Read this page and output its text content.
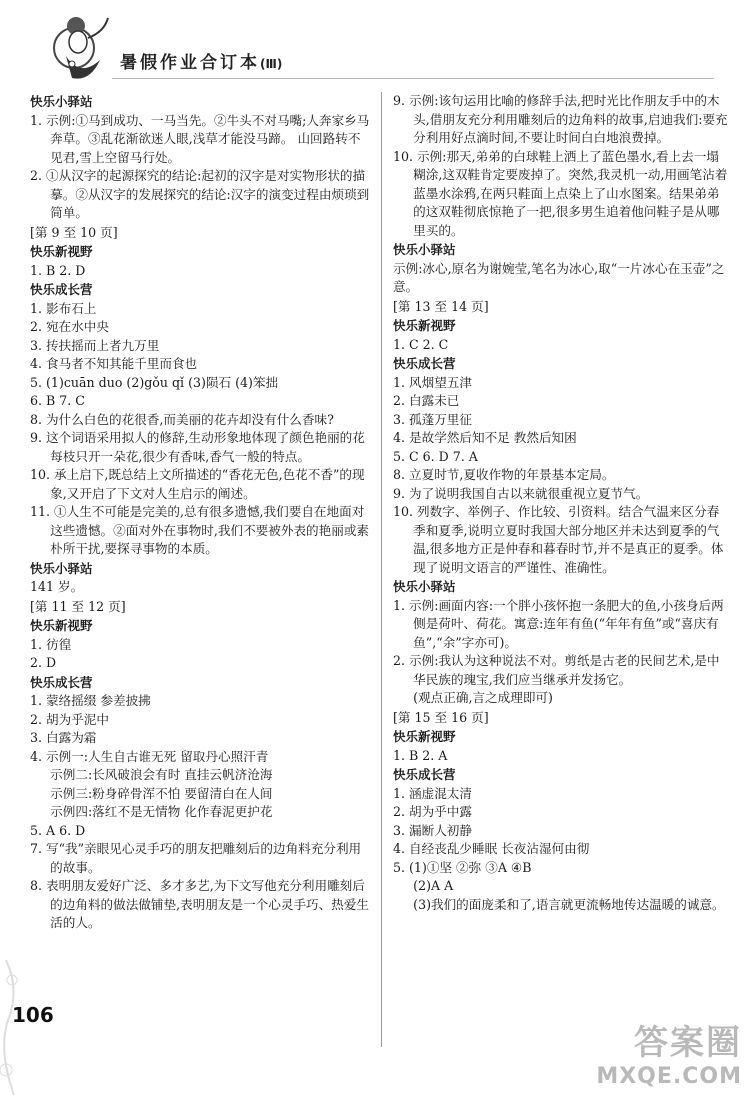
暑假作业合订本(Ⅲ)
快乐小驿站

1. 示例:①马到成功、一马当先。②牛头不对马嘴;人奔家乡马奔草。③乱花渐欲迷人眼,浅草才能没马蹄。 山回路转不见君,雪上空留马行处。

2. ①从汉字的起源探究的结论:起初的汉字是对实物形状的描摹。②从汉字的发展探究的结论:汉字的演变过程由烦琐到简单。

[第 9 至 10 页]
快乐新视野

1. B 2. D

快乐成长营

1. 影布石上

2. 宛在水中央

3. 抟扶摇而上者九万里

4. 食马者不知其能千里而食也

5. (1)cuān duo (2)gǒu qǐ (3)陨石 (4)笨拙

6. B 7. C

8. 为什么白色的花很香,而美丽的花卉却没有什么香味?

9. 这个词语采用拟人的修辞,生动形象地体现了颜色艳丽的花每枝只开一朵花,很少有香味,香气一般的特点。

10. 承上启下,既总结上文所描述的“香花无色,色花不香”的现象,又开启了下文对人生启示的阐述。

11. ①人生不可能是完美的,总有很多遗憾,我们要自在地面对这些遗憾。②面对外在事物时,我们不要被外表的艳丽或素朴所干扰,要探寻事物的本质。

快乐小驿站

141 岁。

[第 11 至 12 页]
快乐新视野

1. 彷徨

2. D

快乐成长营

1. 蒙络摇缀 参差披拂

2. 胡为乎泥中

3. 白露为霜

4. 示例一:人生自古谁无死 留取丹心照汗青

示例二:长风破浪会有时 直挂云帆济沧海

示例三:粉身碎骨浑不怕 要留清白在人间

示例四:落红不是无情物 化作春泥更护花

5. A 6. D

7. 写“我”亲眼见心灵手巧的朋友把雕刻后的边角料充分利用的故事。

8. 表明朋友爱好广泛、多才多艺,为下文写他充分利用雕刻后的边角料的做法做铺垫,表明朋友是一个心灵手巧、热爱生活的人。

9. 示例:该句运用比喻的修辞手法,把时光比作朋友手中的木头,借朋友充分利用雕刻后的边角料的故事,启迪我们:要充分利用好点滴时间,不要让时间白白地浪费掉。

10. 示例:那天,弟弟的白球鞋上洒上了蓝色墨水,看上去一塌糊涂,这双鞋肯定要废掉了。突然,我灵机一动,用画笔沾着蓝墨水涂鸦,在两只鞋面上点染上了山水图案。结果弟弟的这双鞋彻底惊艳了一把,很多男生追着他问鞋子是从哪里买的。

快乐小驿站

示例:冰心,原名为谢婉莹,笔名为冰心,取“一片冰心在玉壶”之意。

[第 13 至 14 页]
快乐新视野

1. C 2. C

快乐成长营

1. 风烟望五津

2. 白露未已

3. 孤蓬万里征

4. 是故学然后知不足 教然后知困

5. C 6. D 7. A

8. 立夏时节,夏收作物的年景基本定局。

9. 为了说明我国自古以来就很重视立夏节气。

10. 列数字、举例子、作比较、引资料。结合气温来区分春季和夏季,说明立夏时我国大部分地区并未达到夏季的气温,很多地方正是仲春和暮春时节,并不是真正的夏季。体现了说明文语言的严谨性、准确性。

快乐小驿站

1. 示例:画面内容:一个胖小孩怀抱一条肥大的鱼,小孩身后两侧是荷叶、荷花。寓意:连年有鱼(“年年有鱼”或“喜庆有鱼”,“余”字亦可)。

2. 示例:我认为这种说法不对。剪纸是古老的民间艺术,是中华民族的瑰宝,我们应当继承并发扬它。

(观点正确,言之成理即可)

[第 15 至 16 页]
快乐新视野

1. B 2. A

快乐成长营

1. 涵虚混太清

2. 胡为乎中露

3. 漏断人初静

4. 自经丧乱少睡眠 长夜沾湿何由彻

5. (1)①坚 ②弥 ③A ④B

(2)A A

(3)我们的面庞柔和了,语言就更流畅地传达温暖的诚意。

106
答案圈
MXQE.COM
